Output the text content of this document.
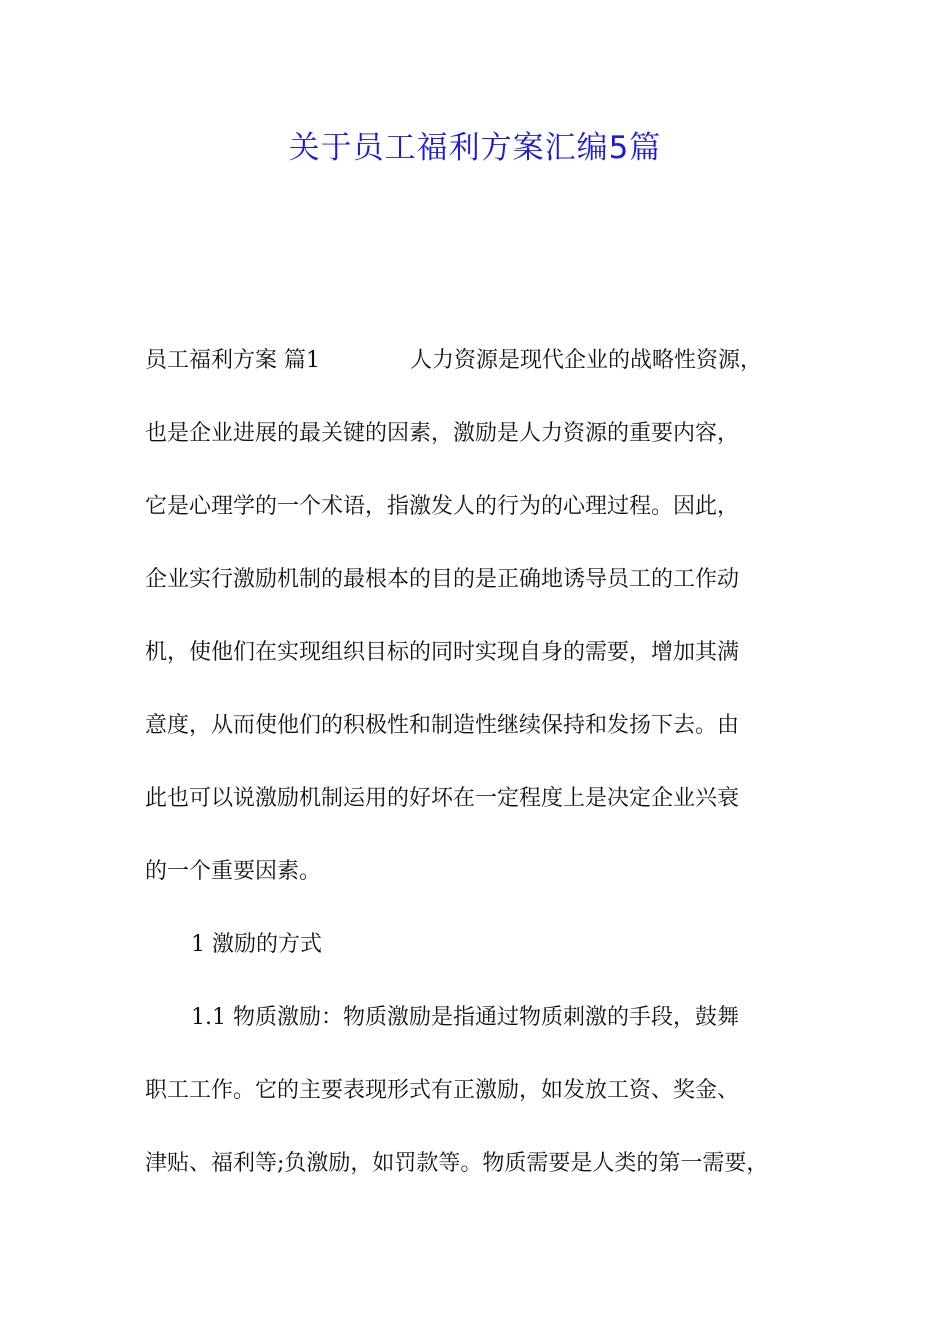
关于员工福利方案汇编5篇
员工福利方案 篇1	人力资源是现代企业的战略性资源，
也是企业进展的最关键的因素，激励是人力资源的重要内容，
它是心理学的一个术语，指激发人的行为的心理过程。因此，
企业实行激励机制的最根本的目的是正确地诱导员工的工作动
机，使他们在实现组织目标的同时实现自身的需要，增加其满
意度，从而使他们的积极性和制造性继续保持和发扬下去。由
此也可以说激励机制运用的好坏在一定程度上是决定企业兴衰
的一个重要因素。
1 激励的方式
1.1 物质激励：物质激励是指通过物质刺激的手段，鼓舞
职工工作。它的主要表现形式有正激励，如发放工资、奖金、
津贴、福利等;负激励，如罚款等。物质需要是人类的第一需要，
